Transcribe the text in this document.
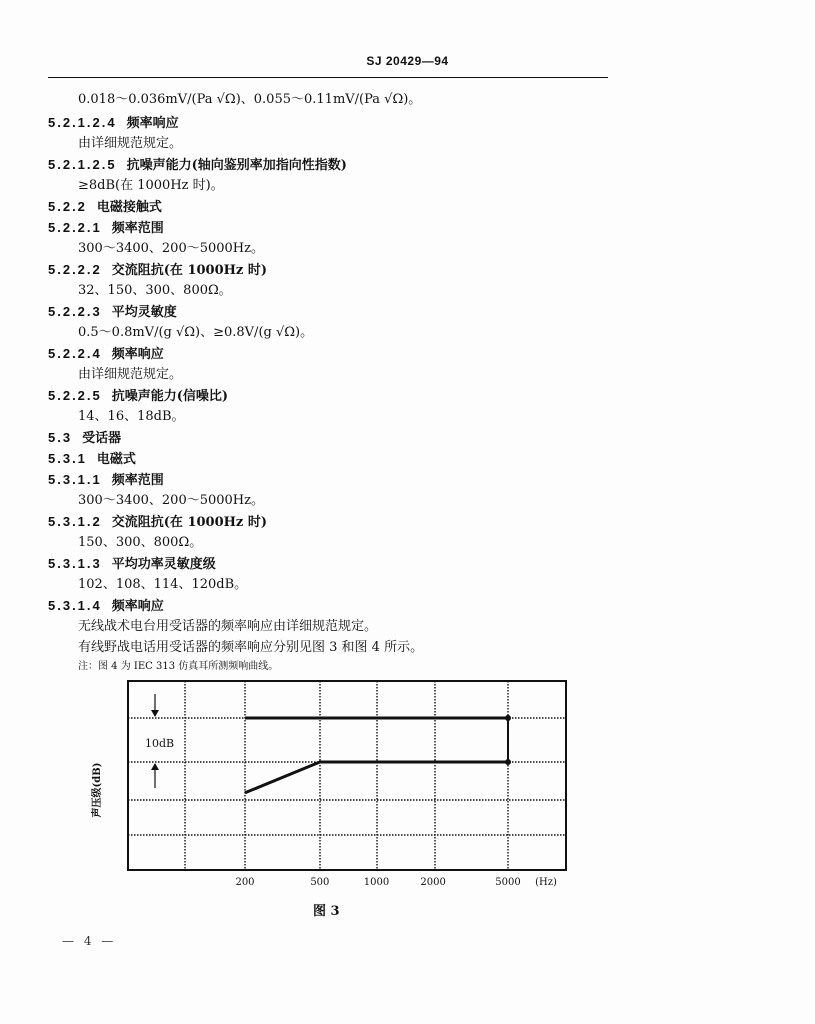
SJ 20429—94
0.018～0.036mV/(Pa √Ω)、0.055～0.11mV/(Pa √Ω)。
5.2.1.2.4 频率响应
由详细规范规定。
5.2.1.2.5 抗噪声能力(轴向鉴别率加指向性指数)
≥8dB(在 1000Hz 时)。
5.2.2 电磁接触式
5.2.2.1 频率范围
300～3400、200～5000Hz。
5.2.2.2 交流阻抗(在 1000Hz 时)
32、150、300、800Ω。
5.2.2.3 平均灵敏度
0.5～0.8mV/(g √Ω)、≥0.8V/(g √Ω)。
5.2.2.4 频率响应
由详细规范规定。
5.2.2.5 抗噪声能力(信噪比)
14、16、18dB。
5.3 受话器
5.3.1 电磁式
5.3.1.1 频率范围
300～3400、200～5000Hz。
5.3.1.2 交流阻抗(在 1000Hz 时)
150、300、800Ω。
5.3.1.3 平均功率灵敏度级
102、108、114、120dB。
5.3.1.4 频率响应
无线战术电台用受话器的频率响应由详细规范规定。
有线野战电话用受话器的频率响应分别见图 3 和图 4 所示。
注：图 4 为 IEC 313 仿真耳所测频响曲线。
声压级(dB)
10dB
200	500	1000	2000	5000 (Hz)
图 3
— 4 —
